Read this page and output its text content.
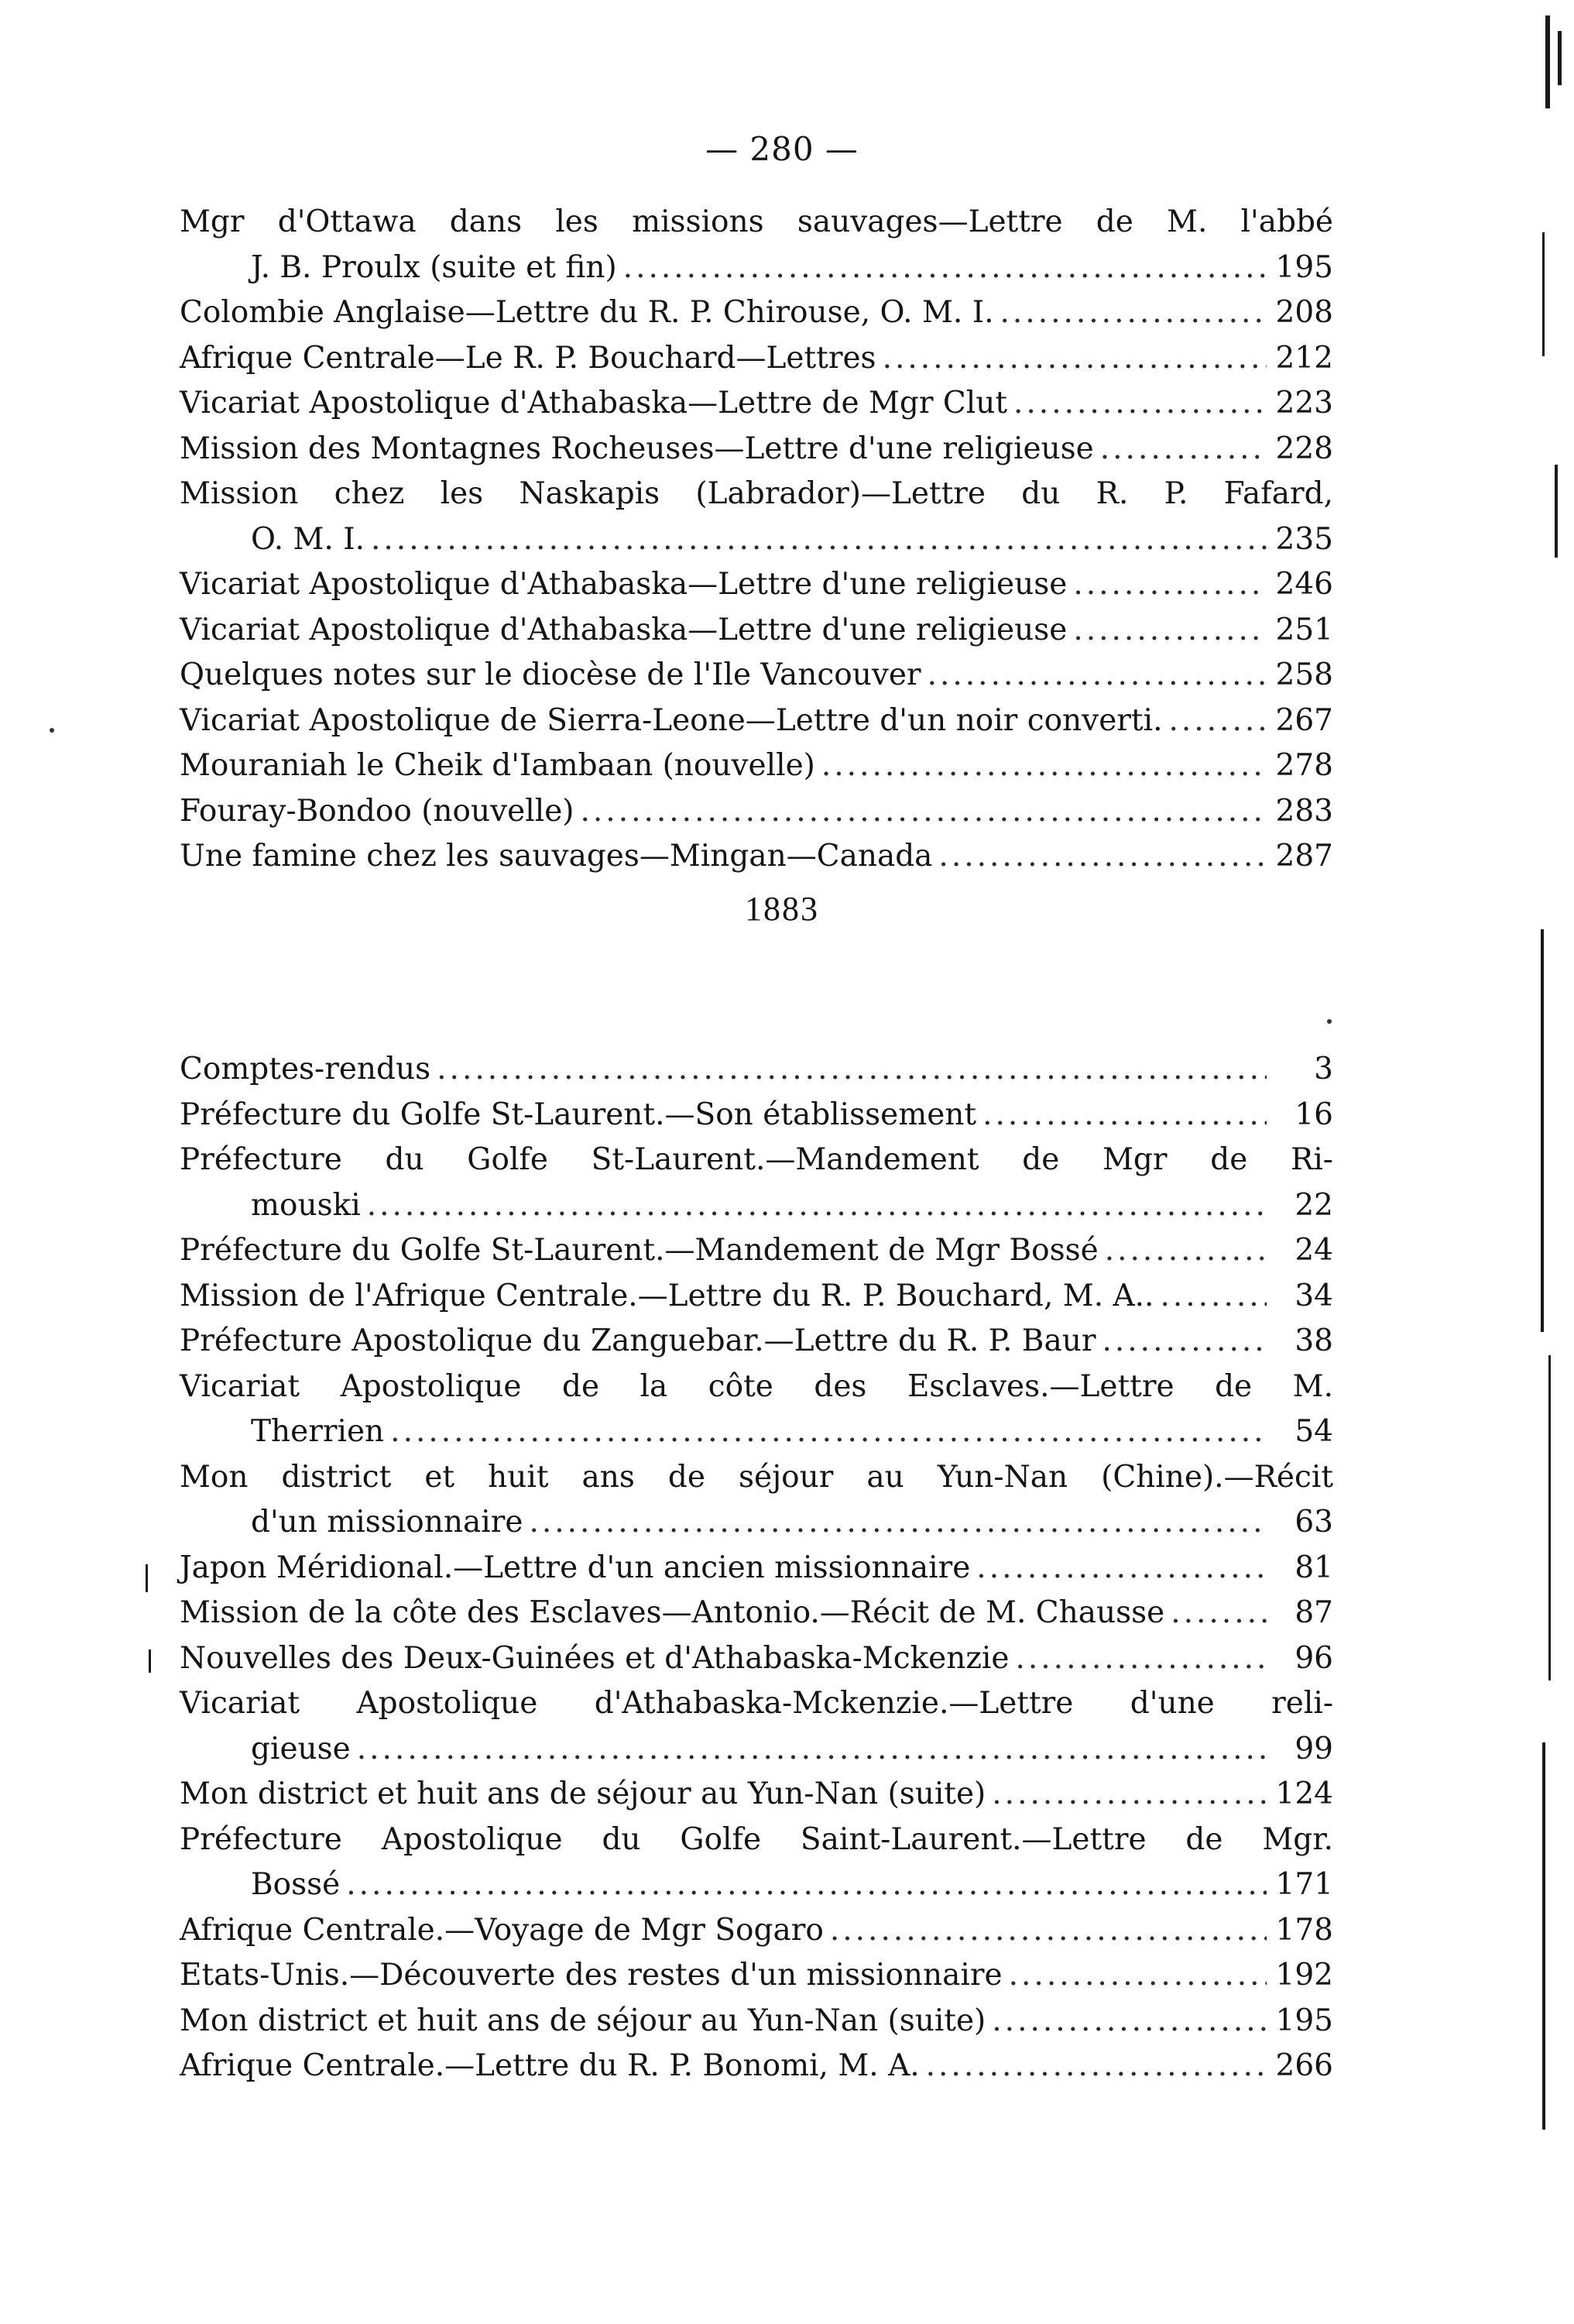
— 280 —
Mgr d'Ottawa dans les missions sauvages—Lettre de M. l'abbé
J. B. Proulx (suite et fin) .....	195
Colombie Anglaise—Lettre du R. P. Chirouse, O. M. I. .....	208
Afrique Centrale—Le R. P. Bouchard—Lettres .....	212
Vicariat Apostolique d'Athabaska—Lettre de Mgr Clut .....	223
Mission des Montagnes Rocheuses—Lettre d'une religieuse .....	228
Mission chez les Naskapis (Labrador)—Lettre du R. P. Fafard,
O. M. I. .....	235
Vicariat Apostolique d'Athabaska—Lettre d'une religieuse .....	246
Vicariat Apostolique d'Athabaska—Lettre d'une religieuse .....	251
Quelques notes sur le diocèse de l'Ile Vancouver .....	258
Vicariat Apostolique de Sierra-Leone—Lettre d'un noir converti. .....	267
Mouraniah le Cheik d'Iambaan (nouvelle) .....	278
Fouray-Bondoo (nouvelle) .....	283
Une famine chez les sauvages—Mingan—Canada .....	287
1883
Comptes-rendus .....	3
Préfecture du Golfe St-Laurent.—Son établissement .....	16
Préfecture du Golfe St-Laurent.—Mandement de Mgr de Ri-
mouski .....	22
Préfecture du Golfe St-Laurent.—Mandement de Mgr Bossé .....	24
Mission de l'Afrique Centrale.—Lettre du R. P. Bouchard, M. A.. .....	34
Préfecture Apostolique du Zanguebar.—Lettre du R. P. Baur .....	38
Vicariat Apostolique de la côte des Esclaves.—Lettre de M.
Therrien .....	54
Mon district et huit ans de séjour au Yun-Nan (Chine).—Récit
d'un missionnaire .....	63
Japon Méridional.—Lettre d'un ancien missionnaire .....	81
Mission de la côte des Esclaves—Antonio.—Récit de M. Chausse .....	87
Nouvelles des Deux-Guinées et d'Athabaska-Mckenzie .....	96
Vicariat Apostolique d'Athabaska-Mckenzie.—Lettre d'une reli-
gieuse .....	99
Mon district et huit ans de séjour au Yun-Nan (suite) .....	124
Préfecture Apostolique du Golfe Saint-Laurent.—Lettre de Mgr.
Bossé .....	171
Afrique Centrale.—Voyage de Mgr Sogaro .....	178
Etats-Unis.—Découverte des restes d'un missionnaire .....	192
Mon district et huit ans de séjour au Yun-Nan (suite) .....	195
Afrique Centrale.—Lettre du R. P. Bonomi, M. A. .....	266
